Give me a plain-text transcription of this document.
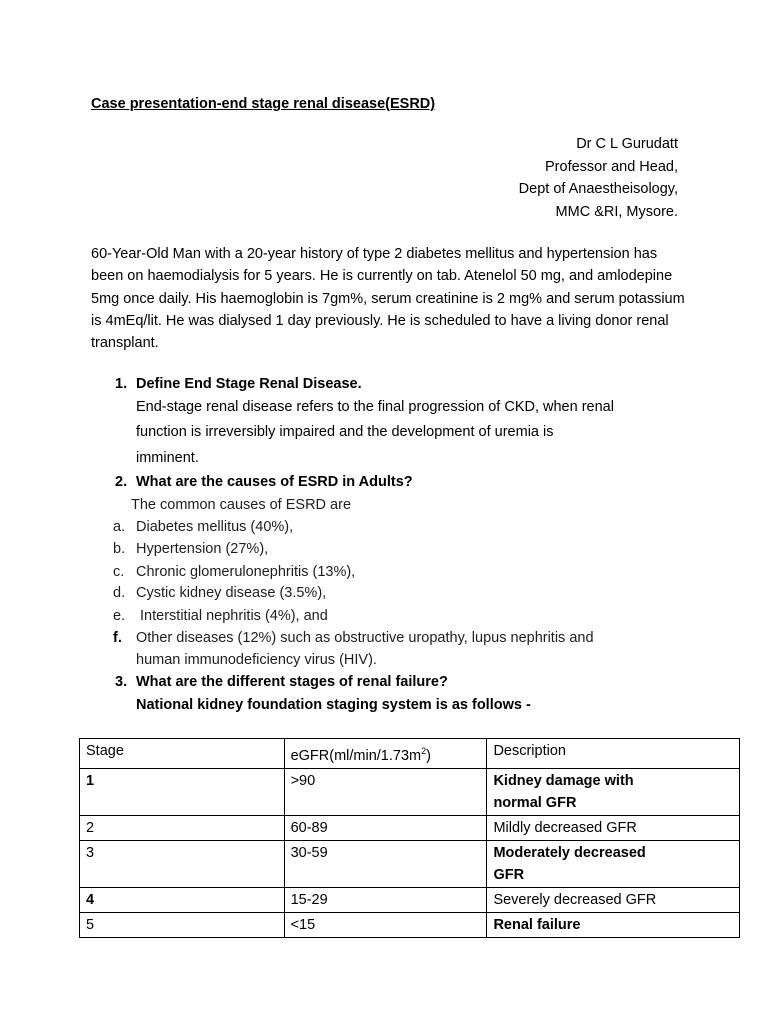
Case presentation-end stage renal disease(ESRD)
Dr C L Gurudatt
Professor and Head,
Dept of Anaestheisology,
MMC &RI, Mysore.

60-Year-Old Man with a 20-year history of type 2 diabetes mellitus and hypertension has been on haemodialysis for 5 years. He is currently on tab. Atenelol 50 mg, and amlodepine 5mg once daily. His haemoglobin is 7gm%, serum creatinine is 2 mg% and serum potassium is 4mEq/lit. He was dialysed 1 day previously. He is scheduled to have a living donor renal transplant.

1. Define End Stage Renal Disease.
End-stage renal disease refers to the final progression of CKD, when renal
function is irreversibly impaired and the development of uremia is
imminent.
2. What are the causes of ESRD in Adults?
The common causes of ESRD are
a. Diabetes mellitus (40%),
b. Hypertension (27%),
c. Chronic glomerulonephritis (13%),
d. Cystic kidney disease (3.5%),
e. Interstitial nephritis (4%), and
f. Other diseases (12%) such as obstructive uropathy, lupus nephritis and
human immunodeficiency virus (HIV).
3. What are the different stages of renal failure?
National kidney foundation staging system is as follows -
Stage	$eGFR(ml/\min/1.73m^2)$	Description
1	>90	Kidney damage with
normal GFR

2	60-89	Mildly decreased GFR
3	30-59	Moderately decreased
GFR

4	15-29	Severely decreased GFR
5	<15	Renal failure
